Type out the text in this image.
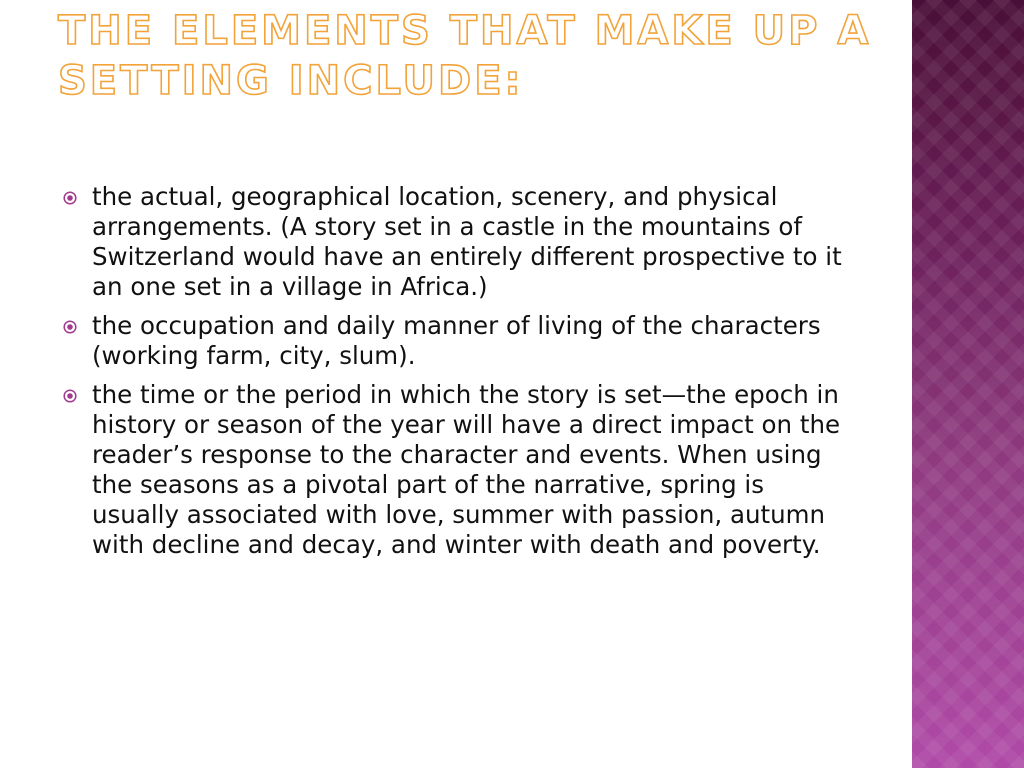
THE ELEMENTS THAT MAKE UP A SETTING INCLUDE:
the actual, geographical location, scenery, and physical arrangements. (A story set in a castle in the mountains of Switzerland would have an entirely different prospective to it an one set in a village in Africa.)
the occupation and daily manner of living of the characters (working farm, city, slum).
the time or the period in which the story is set—the epoch in history or season of the year will have a direct impact on the reader’s response to the character and events. When using the seasons as a pivotal part of the narrative, spring is usually associated with love, summer with passion, autumn with decline and decay, and winter with death and poverty.
